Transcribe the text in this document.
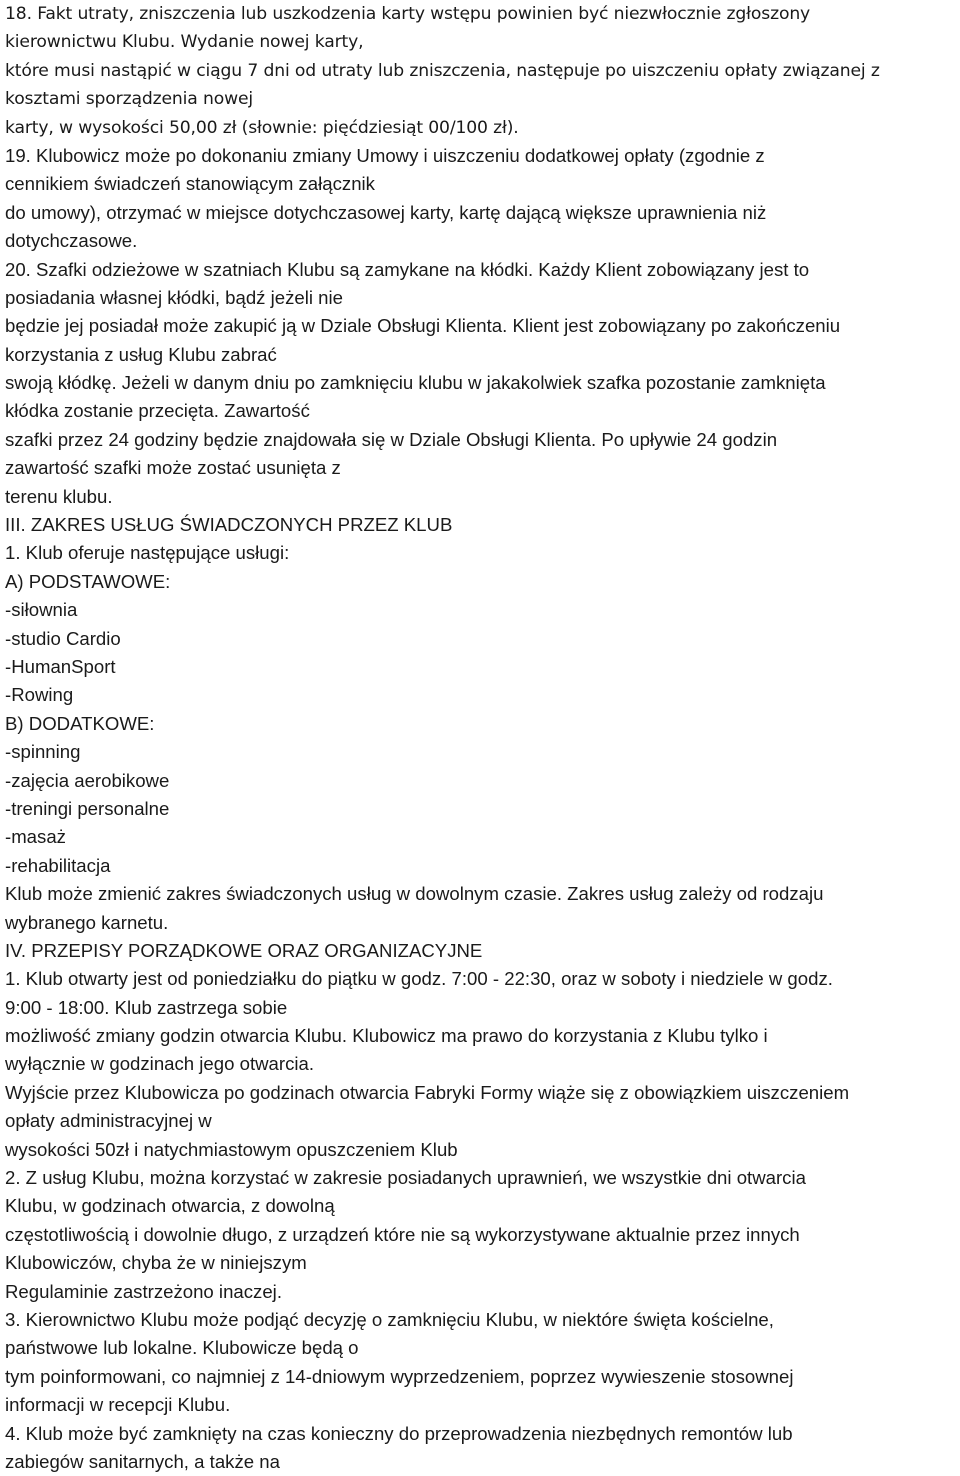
18. Fakt utraty, zniszczenia lub uszkodzenia karty wstępu powinien być niezwłocznie zgłoszony

kierownictwu Klubu. Wydanie nowej karty,

które musi nastąpić w ciągu 7 dni od utraty lub zniszczenia, następuje po uiszczeniu opłaty związanej z

kosztami sporządzenia nowej

karty, w wysokości 50,00 zł (słownie: pięćdziesiąt 00/100 zł).

19. Klubowicz może po dokonaniu zmiany Umowy i uiszczeniu dodatkowej opłaty (zgodnie z

cennikiem świadczeń stanowiącym załącznik

do umowy), otrzymać w miejsce dotychczasowej karty, kartę dającą większe uprawnienia niż

dotychczasowe.

20. Szafki odzieżowe w szatniach Klubu są zamykane na kłódki. Każdy Klient zobowiązany jest to

posiadania własnej kłódki, bądź jeżeli nie

będzie jej posiadał może zakupić ją w Dziale Obsługi Klienta. Klient jest zobowiązany po zakończeniu

korzystania z usług Klubu zabrać

swoją kłódkę. Jeżeli w danym dniu po zamknięciu klubu w jakakolwiek szafka pozostanie zamknięta

kłódka zostanie przecięta. Zawartość

szafki przez 24 godziny będzie znajdowała się w Dziale Obsługi Klienta. Po upływie 24 godzin

zawartość szafki może zostać usunięta z

terenu klubu.

III. ZAKRES USŁUG ŚWIADCZONYCH PRZEZ KLUB

1. Klub oferuje następujące usługi:

A) PODSTAWOWE:

-siłownia

-studio Cardio

-HumanSport

-Rowing

B) DODATKOWE:

-spinning

-zajęcia aerobikowe

-treningi personalne

-masaż

-rehabilitacja

Klub może zmienić zakres świadczonych usług w dowolnym czasie. Zakres usług zależy od rodzaju

wybranego karnetu.

IV. PRZEPISY PORZĄDKOWE ORAZ ORGANIZACYJNE

1. Klub otwarty jest od poniedziałku do piątku w godz. 7:00 - 22:30, oraz w soboty i niedziele w godz.

9:00 - 18:00. Klub zastrzega sobie

możliwość zmiany godzin otwarcia Klubu. Klubowicz ma prawo do korzystania z Klubu tylko i

wyłącznie w godzinach jego otwarcia.

Wyjście przez Klubowicza po godzinach otwarcia Fabryki Formy wiąże się z obowiązkiem uiszczeniem

opłaty administracyjnej w

wysokości 50zł i natychmiastowym opuszczeniem Klub

2. Z usług Klubu, można korzystać w zakresie posiadanych uprawnień, we wszystkie dni otwarcia

Klubu, w godzinach otwarcia, z dowolną

częstotliwością i dowolnie długo, z urządzeń które nie są wykorzystywane aktualnie przez innych

Klubowiczów, chyba że w niniejszym

Regulaminie zastrzeżono inaczej.

3. Kierownictwo Klubu może podjąć decyzję o zamknięciu Klubu, w niektóre święta kościelne,

państwowe lub lokalne. Klubowicze będą o

tym poinformowani, co najmniej z 14-dniowym wyprzedzeniem, poprzez wywieszenie stosownej

informacji w recepcji Klubu.

4. Klub może być zamknięty na czas konieczny do przeprowadzenia niezbędnych remontów lub

zabiegów sanitarnych, a także na
